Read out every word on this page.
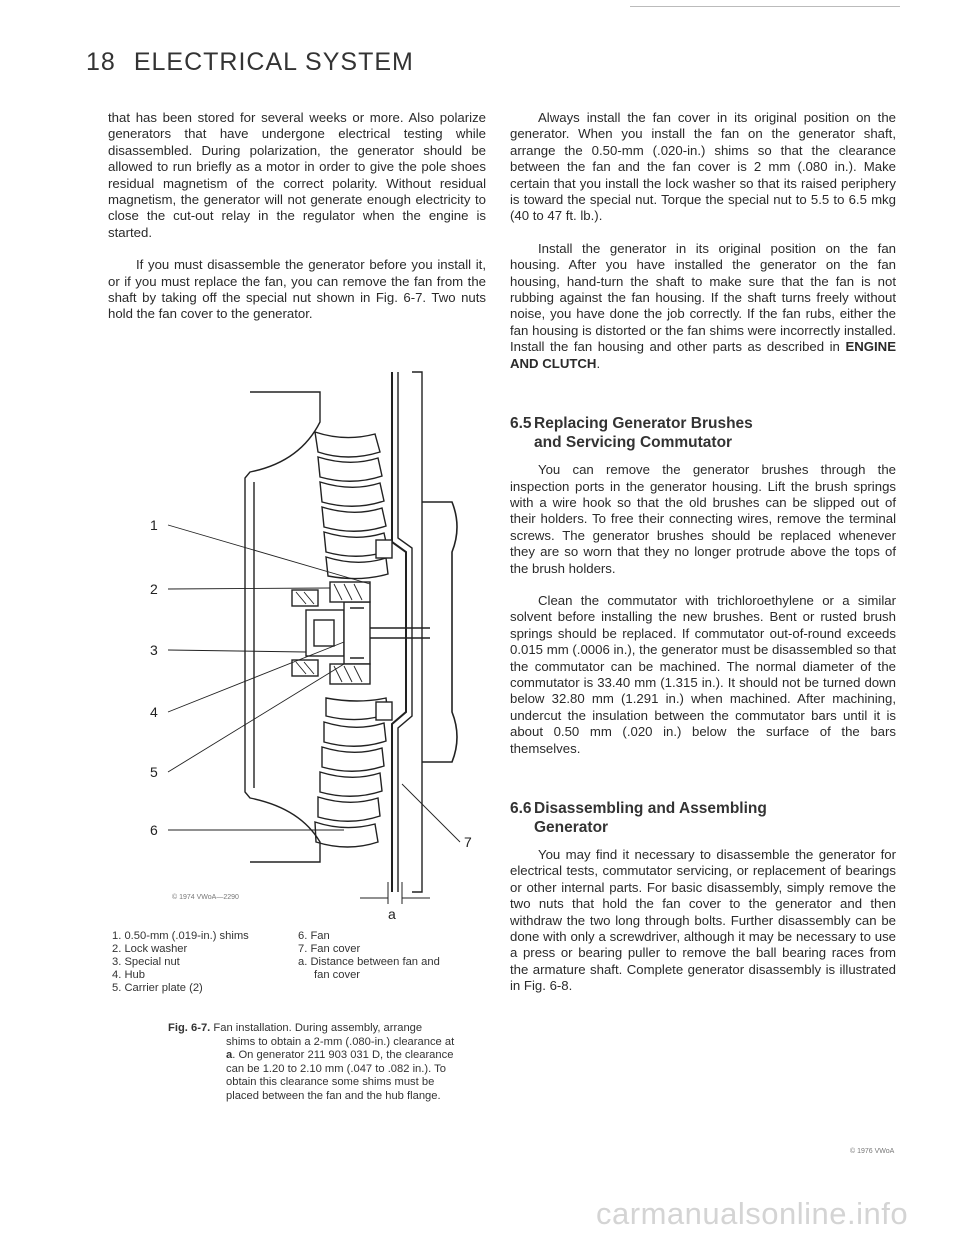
18 ELECTRICAL SYSTEM

that has been stored for several weeks or more. Also polarize generators that have undergone electrical testing while disassembled. During polarization, the generator should be allowed to run briefly as a motor in order to give the pole shoes residual magnetism of the correct polarity. Without residual magnetism, the generator will not generate enough electricity to close the cut-out relay in the regulator when the engine is started.

If you must disassemble the generator before you install it, or if you must replace the fan, you can remove the fan from the shaft by taking off the special nut shown in Fig. 6-7. Two nuts hold the fan cover to the generator.

1
2
3
4
5
6
7
a
© 1974 VWoA—2290
1. 0.50-mm (.019-in.) shims
2. Lock washer
3. Special nut
4. Hub
5. Carrier plate (2)
6. Fan
7. Fan cover
a. Distance between fan and
fan cover
Fig. 6-7. Fan installation. During assembly, arrange
shims to obtain a 2-mm (.080-in.) clearance at
a. On generator 211 903 031 D, the clearance
can be 1.20 to 2.10 mm (.047 to .082 in.). To
obtain this clearance some shims must be
placed between the fan and the hub flange.

Always install the fan cover in its original position on the generator. When you install the fan on the generator shaft, arrange the 0.50-mm (.020-in.) shims so that the clearance between the fan and the fan cover is 2 mm (.080 in.). Make certain that you install the lock washer so that its raised periphery is toward the special nut. Torque the special nut to 5.5 to 6.5 mkg (40 to 47 ft. lb.).

Install the generator in its original position on the fan housing. After you have installed the generator on the fan housing, hand-turn the shaft to make sure that the fan is not rubbing against the fan housing. If the shaft turns freely without noise, you have done the job correctly. If the fan rubs, either the fan housing is distorted or the fan shims were incorrectly installed. Install the fan housing and other parts as described in ENGINE AND CLUTCH.

6.5 Replacing Generator Brushes
and Servicing Commutator

You can remove the generator brushes through the inspection ports in the generator housing. Lift the brush springs with a wire hook so that the old brushes can be slipped out of their holders. To free their connecting wires, remove the terminal screws. The generator brushes should be replaced whenever they are so worn that they no longer protrude above the tops of the brush holders.

Clean the commutator with trichloroethylene or a similar solvent before installing the new brushes. Bent or rusted brush springs should be replaced. If commutator out-of-round exceeds 0.015 mm (.0006 in.), the generator must be disassembled so that the commutator can be machined. The normal diameter of the commutator is 33.40 mm (1.315 in.). It should not be turned down below 32.80 mm (1.291 in.) when machined. After machining, undercut the insulation between the commutator bars until it is about 0.50 mm (.020 in.) below the surface of the bars themselves.

6.6 Disassembling and Assembling
Generator

You may find it necessary to disassemble the generator for electrical tests, commutator servicing, or replacement of bearings or other internal parts. For basic disassembly, simply remove the two nuts that hold the fan cover to the generator and then withdraw the two long through bolts. Further disassembly can be done with only a screwdriver, although it may be necessary to use a press or bearing puller to remove the ball bearing races from the armature shaft. Complete generator disassembly is illustrated in Fig. 6-8.

© 1976 VWoA
carmanualsonline.info
